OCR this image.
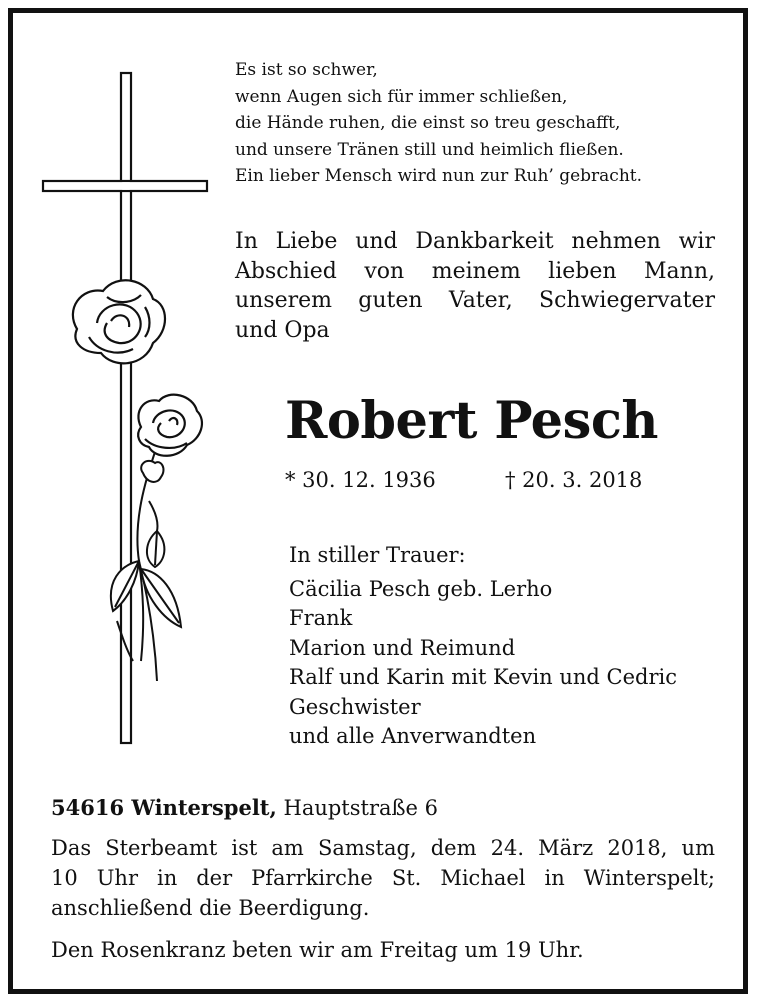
Es ist so schwer,
wenn Augen sich für immer schließen,
die Hände ruhen, die einst so treu geschafft,
und unsere Tränen still und heimlich fließen.
Ein lieber Mensch wird nun zur Ruh’ gebracht.
In Liebe und Dankbarkeit nehmen wir
Abschied von meinem lieben Mann,
unserem guten Vater, Schwiegervater
und Opa
Robert Pesch
* 30. 12. 1936	† 20. 3. 2018
In stiller Trauer:
Cäcilia Pesch geb. Lerho
Frank
Marion und Reimund
Ralf und Karin mit Kevin und Cedric
Geschwister
und alle Anverwandten
54616 Winterspelt, Hauptstraße 6
Das Sterbeamt ist am Samstag, dem 24. März 2018, um
10 Uhr in der Pfarrkirche St. Michael in Winterspelt;
anschließend die Beerdigung.
Den Rosenkranz beten wir am Freitag um 19 Uhr.
